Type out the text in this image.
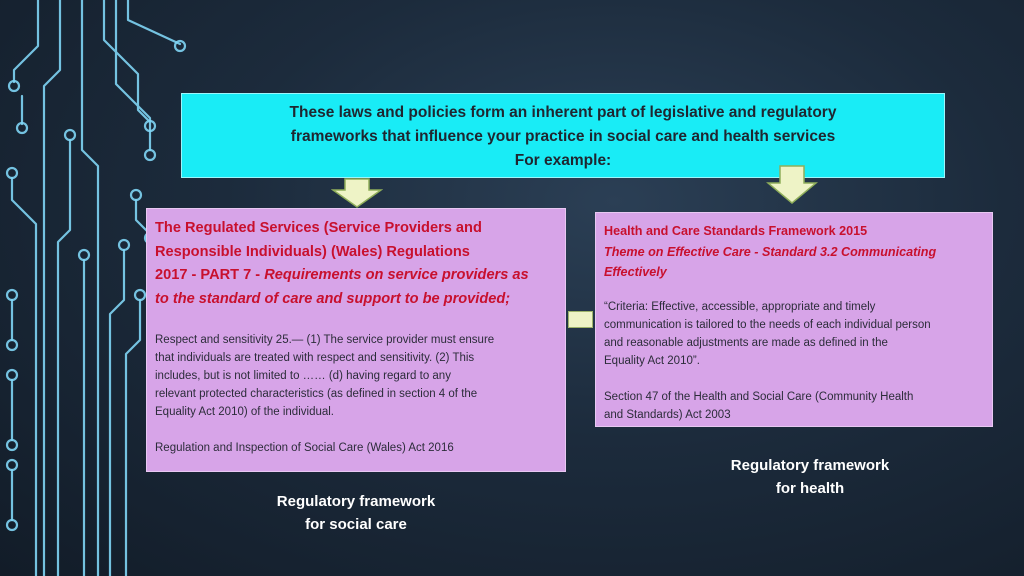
These laws and policies form an inherent part of legislative and regulatory
frameworks that influence your practice in social care and health services
For example:
The Regulated Services (Service Providers and
Responsible Individuals) (Wales) Regulations
2017 - PART 7 - Requirements on service providers as
to the standard of care and support to be provided;
Respect and sensitivity 25.— (1) The service provider must ensure
that individuals are treated with respect and sensitivity. (2) This
includes, but is not limited to …… (d) having regard to any
relevant protected characteristics (as defined in section 4 of the
Equality Act 2010) of the individual.
Regulation and Inspection of Social Care (Wales) Act 2016
Health and Care Standards Framework 2015
Theme on Effective Care - Standard 3.2 Communicating
Effectively
“Criteria: Effective, accessible, appropriate and timely
communication is tailored to the needs of each individual person
and reasonable adjustments are made as defined in the
Equality Act 2010”.
Section 47 of the Health and Social Care (Community Health
and Standards) Act 2003
Regulatory framework
for social care
Regulatory framework
for health
